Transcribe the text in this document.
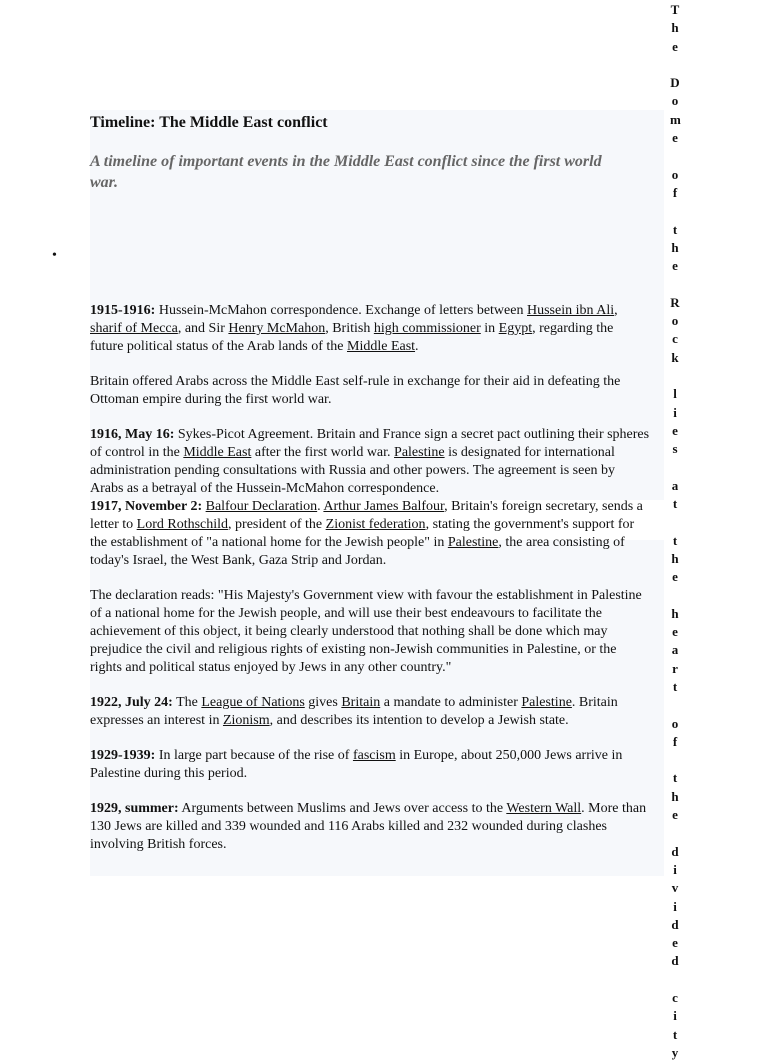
Timeline: The Middle East conflict
A timeline of important events in the Middle East conflict since the first world war.
•

1915-1916: Hussein-McMahon correspondence. Exchange of letters between Hussein ibn Ali, sharif of Mecca, and Sir Henry McMahon, British high commissioner in Egypt, regarding the future political status of the Arab lands of the Middle East.

Britain offered Arabs across the Middle East self-rule in exchange for their aid in defeating the Ottoman empire during the first world war.

1916, May 16: Sykes-Picot Agreement. Britain and France sign a secret pact outlining their spheres of control in the Middle East after the first world war. Palestine is designated for international administration pending consultations with Russia and other powers. The agreement is seen by Arabs as a betrayal of the Hussein-McMahon correspondence.

1917, November 2: Balfour Declaration. Arthur James Balfour, Britain's foreign secretary, sends a letter to Lord Rothschild, president of the Zionist federation, stating the government's support for the establishment of "a national home for the Jewish people" in Palestine, the area consisting of today's Israel, the West Bank, Gaza Strip and Jordan.

The declaration reads: "His Majesty's Government view with favour the establishment in Palestine of a national home for the Jewish people, and will use their best endeavours to facilitate the achievement of this object, it being clearly understood that nothing shall be done which may prejudice the civil and religious rights of existing non-Jewish communities in Palestine, or the rights and political status enjoyed by Jews in any other country."

1922, July 24: The League of Nations gives Britain a mandate to administer Palestine. Britain expresses an interest in Zionism, and describes its intention to develop a Jewish state.

1929-1939: In large part because of the rise of fascism in Europe, about 250,000 Jews arrive in Palestine during this period.

1929, summer: Arguments between Muslims and Jews over access to the Western Wall. More than 130 Jews are killed and 339 wounded and 116 Arabs killed and 232 wounded during clashes involving British forces.

T
h
e

D
o
m
e

o
f

t
h
e

R
o
c
k

l
i
e
s

a
t

t
h
e

h
e
a
r
t

o
f

t
h
e

d
i
v
i
d
e
d

c
i
t
y
